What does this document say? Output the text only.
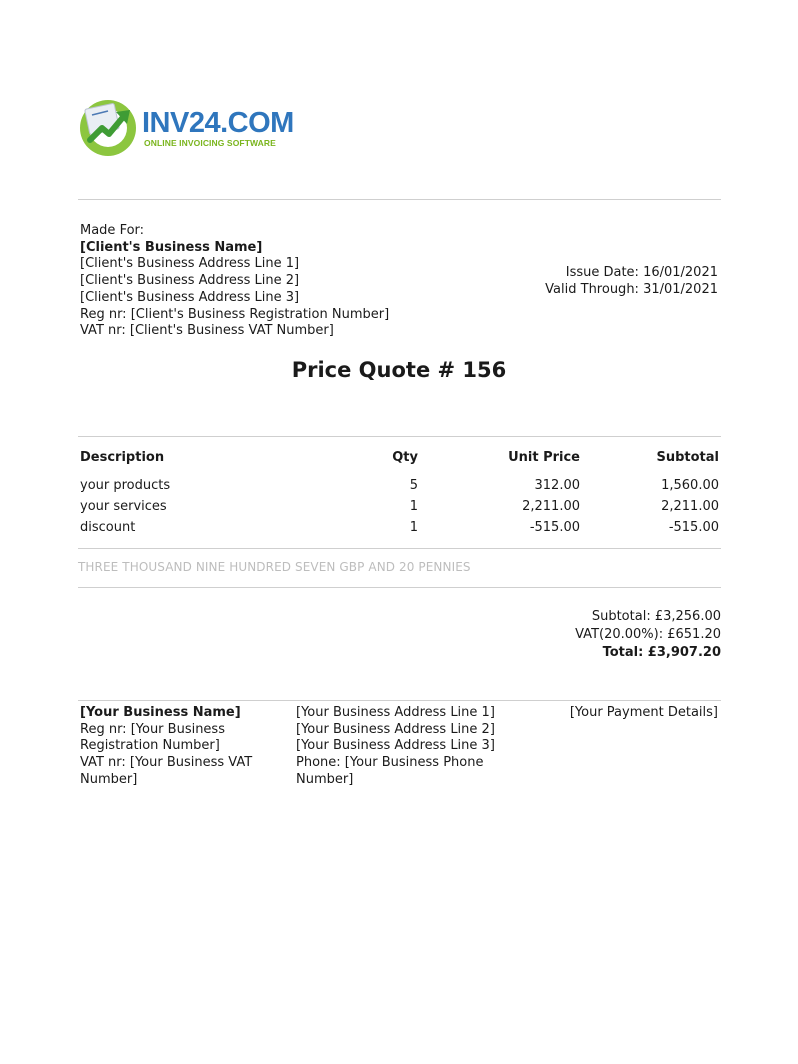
INV24.COM
ONLINE INVOICING SOFTWARE
Made For:
[Client's Business Name]
[Client's Business Address Line 1]
[Client's Business Address Line 2]
[Client's Business Address Line 3]
Reg nr: [Client's Business Registration Number]
VAT nr: [Client's Business VAT Number]
Issue Date: 16/01/2021
Valid Through: 31/01/2021
Price Quote # 156
Description	Qty	Unit Price	Subtotal
your products	5	312.00	1,560.00
your services	1	2,211.00	2,211.00
discount	1	-515.00	-515.00
THREE THOUSAND NINE HUNDRED SEVEN GBP AND 20 PENNIES
Subtotal: £3,256.00
VAT(20.00%): £651.20
Total: £3,907.20
[Your Business Name]
Reg nr: [Your Business Registration Number]
VAT nr: [Your Business VAT Number]
[Your Business Address Line 1]
[Your Business Address Line 2]
[Your Business Address Line 3]
Phone: [Your Business Phone Number]
[Your Payment Details]
